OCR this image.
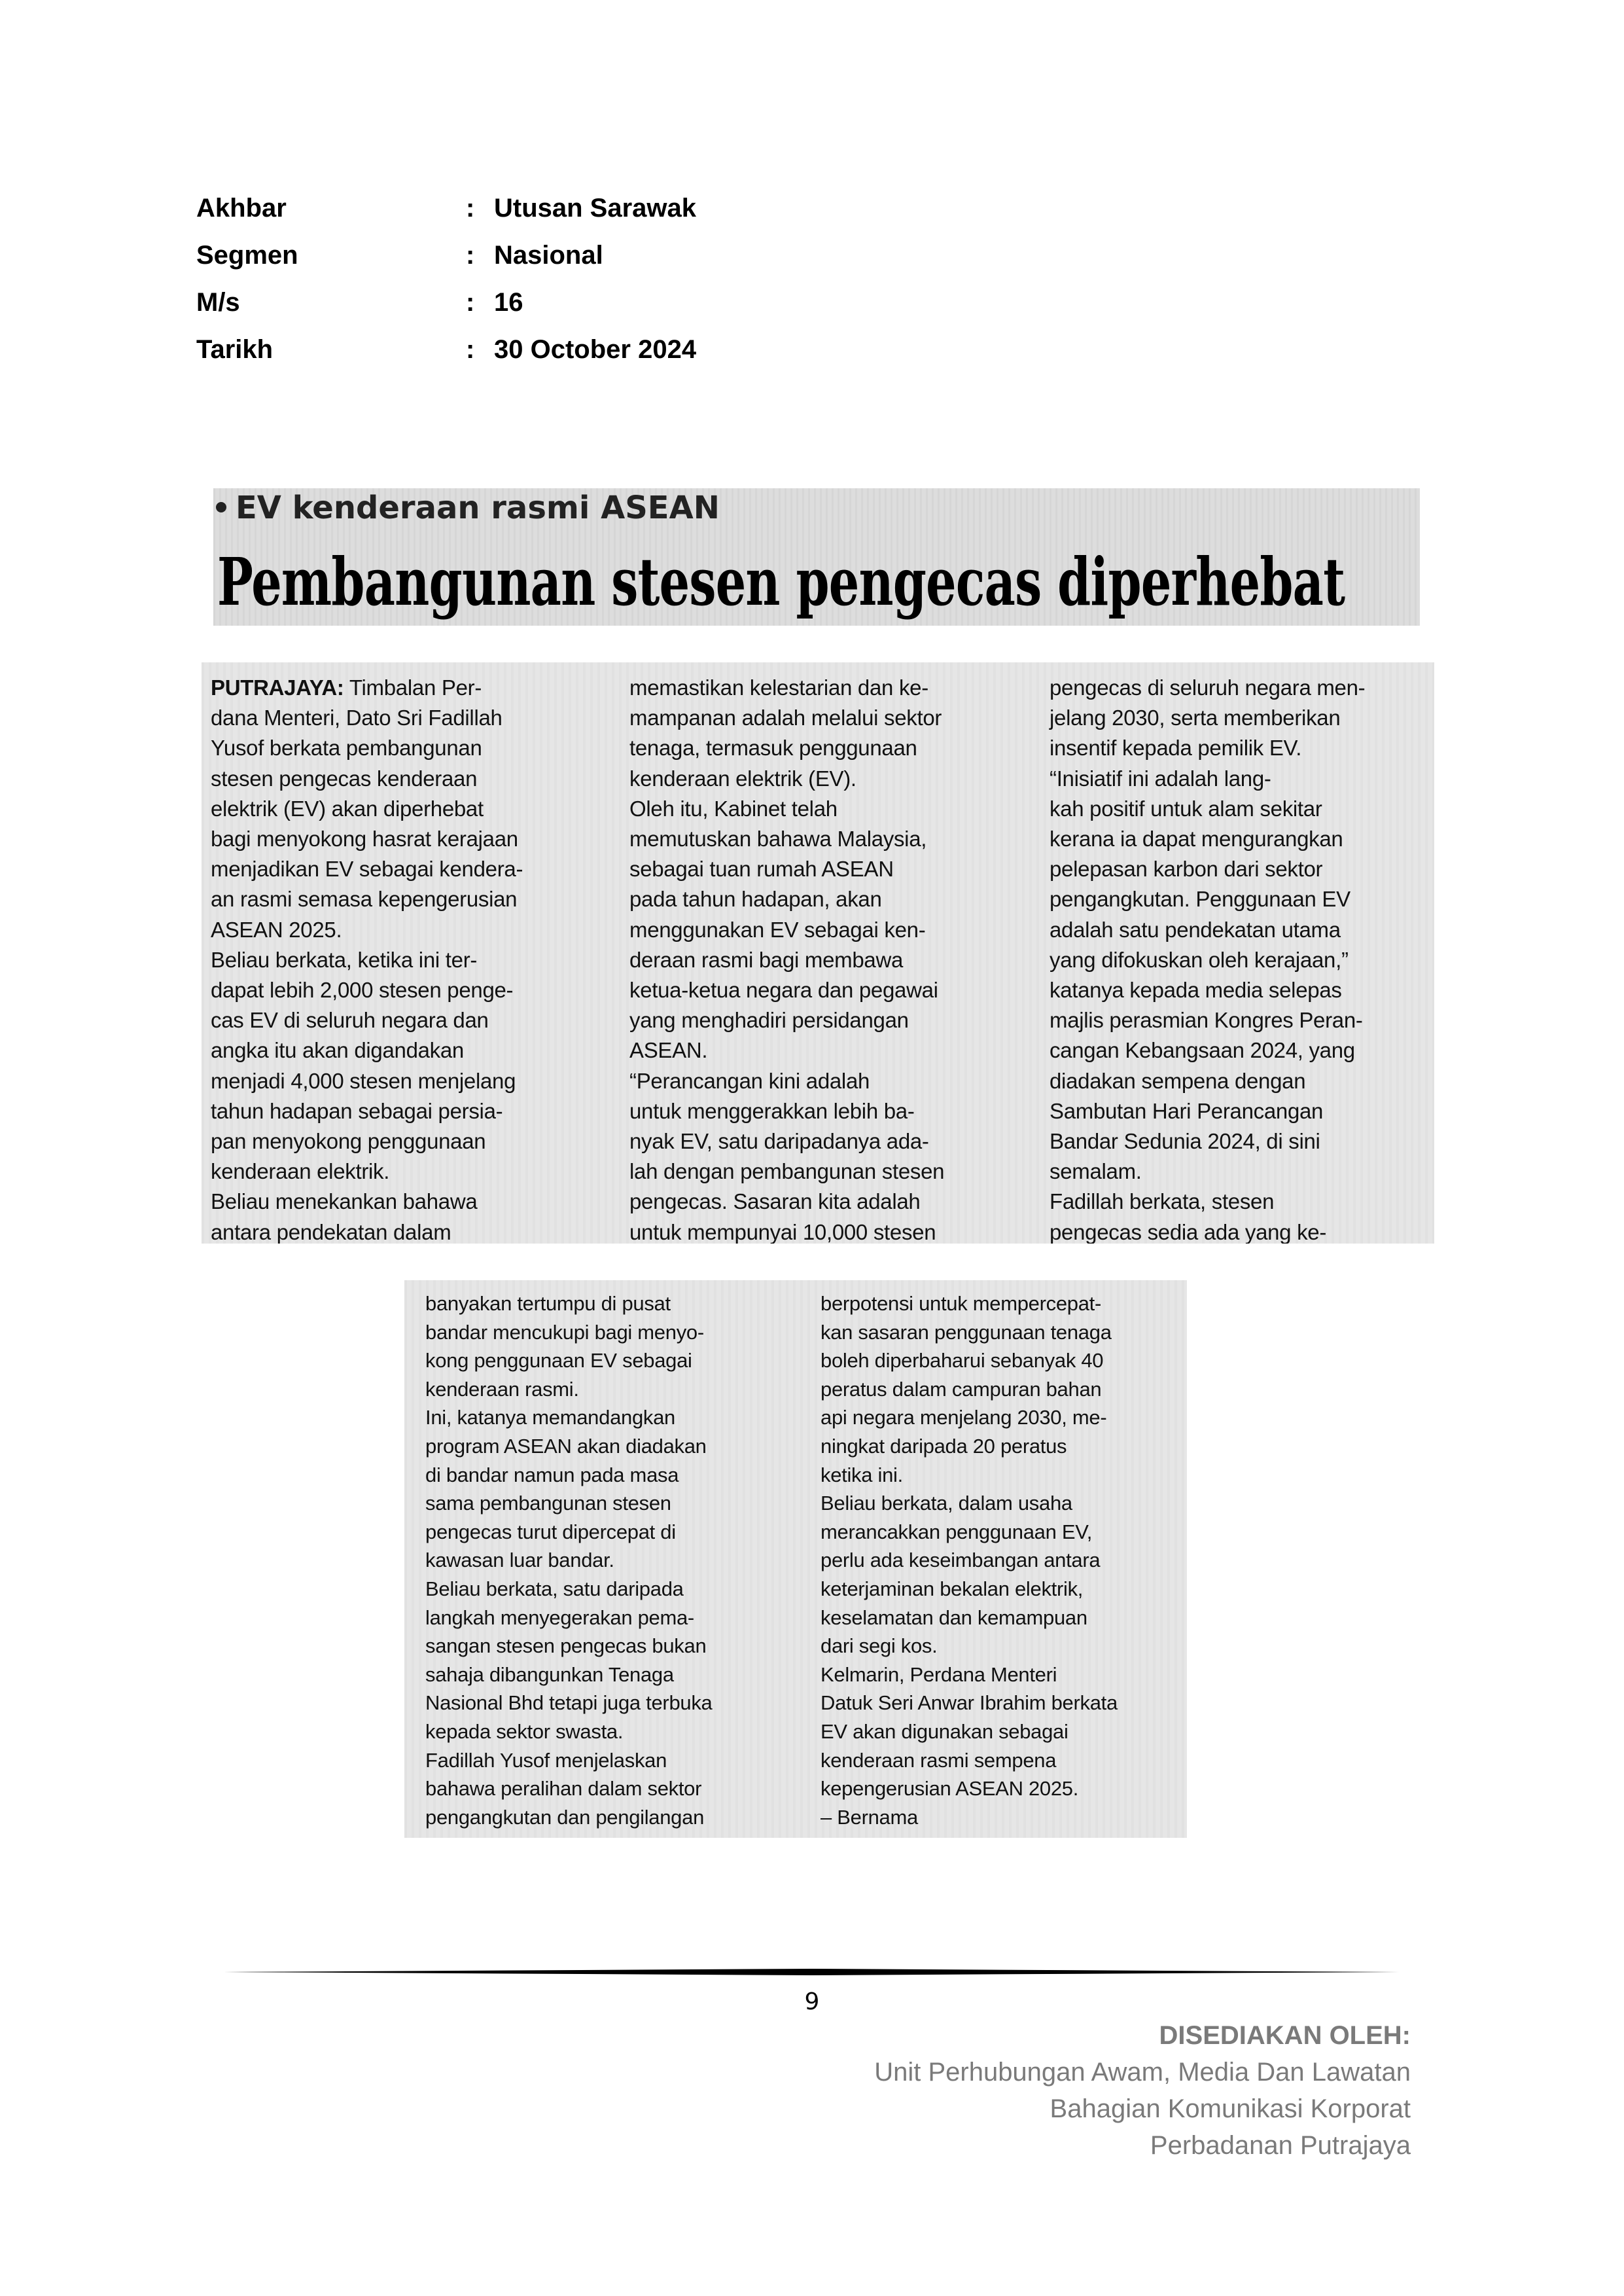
Akhbar	: Utusan Sarawak
Segmen	: Nasional
M/s	: 16
Tarikh	: 30 October 2024
EV kenderaan rasmi ASEAN
Pembangunan stesen pengecas diperhebat
PUTRAJAYA: Timbalan Per-
dana Menteri, Dato Sri Fadillah
Yusof berkata pembangunan
stesen pengecas kenderaan
elektrik (EV) akan diperhebat
bagi menyokong hasrat kerajaan
menjadikan EV sebagai kendera-
an rasmi semasa kepengerusian
ASEAN 2025.
Beliau berkata, ketika ini ter-
dapat lebih 2,000 stesen penge-
cas EV di seluruh negara dan
angka itu akan digandakan
menjadi 4,000 stesen menjelang
tahun hadapan sebagai persia-
pan menyokong penggunaan
kenderaan elektrik.
Beliau menekankan bahawa
antara pendekatan dalam
memastikan kelestarian dan ke-
mampanan adalah melalui sektor
tenaga, termasuk penggunaan
kenderaan elektrik (EV).
Oleh itu, Kabinet telah
memutuskan bahawa Malaysia,
sebagai tuan rumah ASEAN
pada tahun hadapan, akan
menggunakan EV sebagai ken-
deraan rasmi bagi membawa
ketua-ketua negara dan pegawai
yang menghadiri persidangan
ASEAN.
“Perancangan kini adalah
untuk menggerakkan lebih ba-
nyak EV, satu daripadanya ada-
lah dengan pembangunan stesen
pengecas. Sasaran kita adalah
untuk mempunyai 10,000 stesen
pengecas di seluruh negara men-
jelang 2030, serta memberikan
insentif kepada pemilik EV.
“Inisiatif ini adalah lang-
kah positif untuk alam sekitar
kerana ia dapat mengurangkan
pelepasan karbon dari sektor
pengangkutan. Penggunaan EV
adalah satu pendekatan utama
yang difokuskan oleh kerajaan,”
katanya kepada media selepas
majlis perasmian Kongres Peran-
cangan Kebangsaan 2024, yang
diadakan sempena dengan
Sambutan Hari Perancangan
Bandar Sedunia 2024, di sini
semalam.
Fadillah berkata, stesen
pengecas sedia ada yang ke-
banyakan tertumpu di pusat
bandar mencukupi bagi menyo-
kong penggunaan EV sebagai
kenderaan rasmi.
Ini, katanya memandangkan
program ASEAN akan diadakan
di bandar namun pada masa
sama pembangunan stesen
pengecas turut dipercepat di
kawasan luar bandar.
Beliau berkata, satu daripada
langkah menyegerakan pema-
sangan stesen pengecas bukan
sahaja dibangunkan Tenaga
Nasional Bhd tetapi juga terbuka
kepada sektor swasta.
Fadillah Yusof menjelaskan
bahawa peralihan dalam sektor
pengangkutan dan pengilangan
berpotensi untuk mempercepat-
kan sasaran penggunaan tenaga
boleh diperbaharui sebanyak 40
peratus dalam campuran bahan
api negara menjelang 2030, me-
ningkat daripada 20 peratus
ketika ini.
Beliau berkata, dalam usaha
merancakkan penggunaan EV,
perlu ada keseimbangan antara
keterjaminan bekalan elektrik,
keselamatan dan kemampuan
dari segi kos.
Kelmarin, Perdana Menteri
Datuk Seri Anwar Ibrahim berkata
EV akan digunakan sebagai
kenderaan rasmi sempena
kepengerusian ASEAN 2025.
– Bernama
9
DISEDIAKAN OLEH:
Unit Perhubungan Awam, Media Dan Lawatan
Bahagian Komunikasi Korporat
Perbadanan Putrajaya
